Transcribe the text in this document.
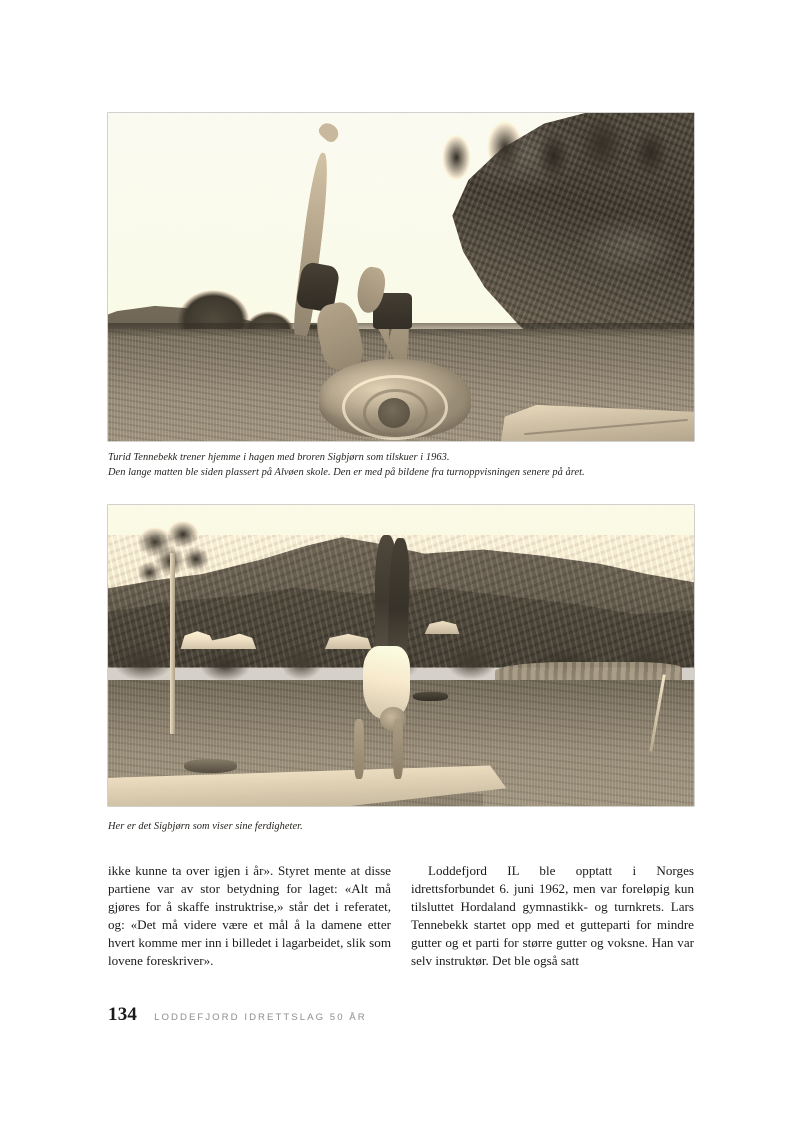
Turid Tennebekk trener hjemme i hagen med broren Sigbjørn som tilskuer i 1963.
Den lange matten ble siden plassert på Alvøen skole. Den er med på bildene fra turnoppvisningen senere på året.
Her er det Sigbjørn som viser sine ferdigheter.

ikke kunne ta over igjen i år». Styret mente at disse partiene var av stor betydning for laget: «Alt må gjøres for å skaffe instruktrise,» står det i referatet, og: «Det må videre være et mål å la damene etter hvert komme mer inn i billedet i lagarbeidet, slik som lovene foreskriver».

Loddefjord IL ble opptatt i Norges idrettsforbundet 6. juni 1962, men var foreløpig kun tilsluttet Hordaland gymnastikk- og turnkrets. Lars Tennebekk startet opp med et gutteparti for mindre gutter og et parti for større gutter og voksne. Han var selv instruktør. Det ble også satt

134 LODDEFJORD IDRETTSLAG 50 ÅR
